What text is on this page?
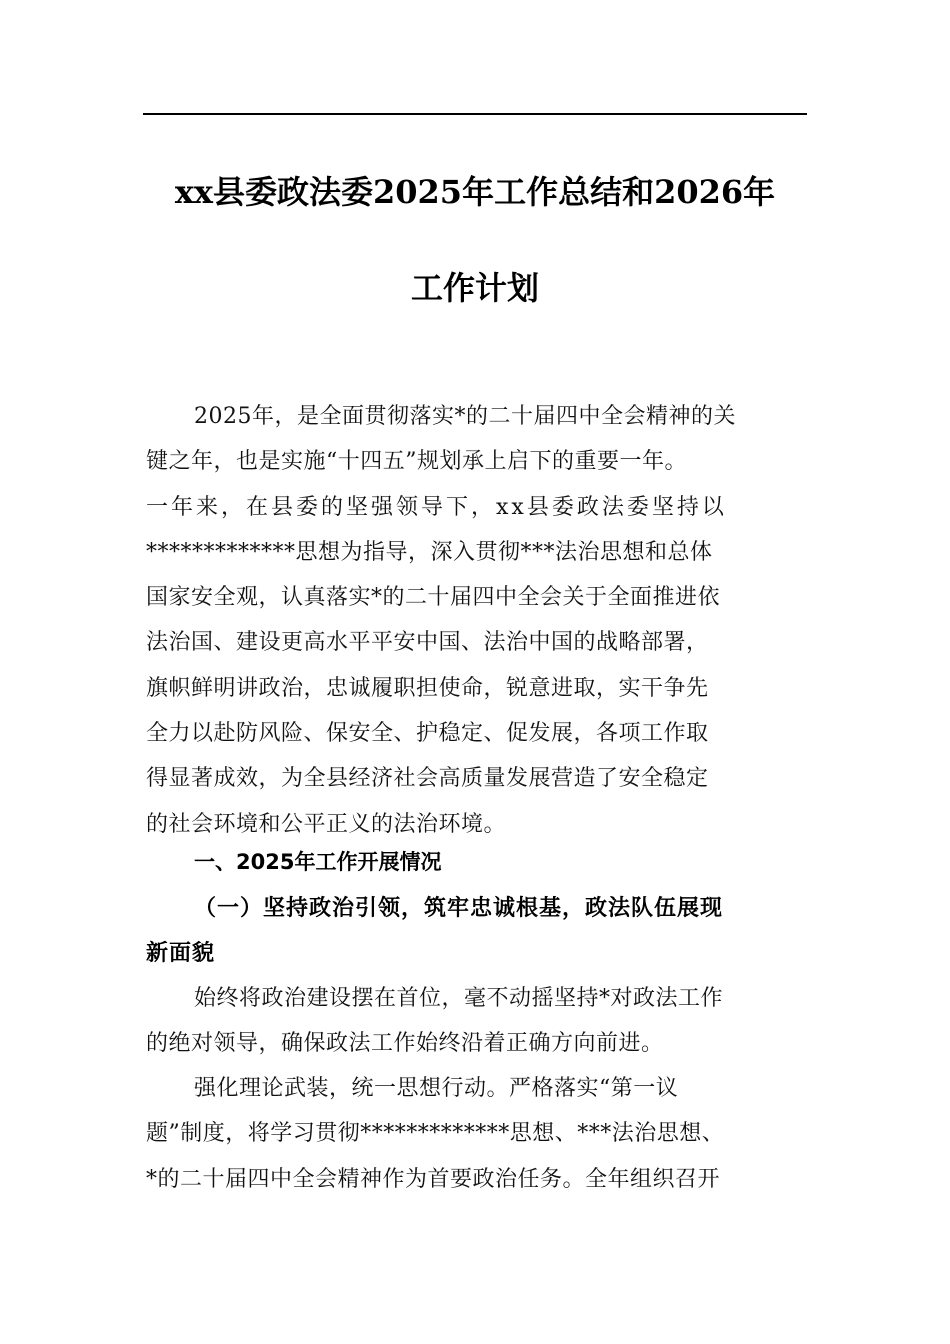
xx县委政法委2025年工作总结和2026年
工作计划
2025年，是全面贯彻落实*的二十届四中全会精神的关
键之年，也是实施“十四五”规划承上启下的重要一年。
一年来，在县委的坚强领导下，xx县委政法委坚持以
*************思想为指导，深入贯彻***法治思想和总体
国家安全观，认真落实*的二十届四中全会关于全面推进依
法治国、建设更高水平平安中国、法治中国的战略部署，
旗帜鲜明讲政治，忠诚履职担使命，锐意进取，实干争先
全力以赴防风险、保安全、护稳定、促发展，各项工作取
得显著成效，为全县经济社会高质量发展营造了安全稳定
的社会环境和公平正义的法治环境。
一、2025年工作开展情况
（一）坚持政治引领，筑牢忠诚根基，政法队伍展现
新面貌
始终将政治建设摆在首位，毫不动摇坚持*对政法工作
的绝对领导，确保政法工作始终沿着正确方向前进。
强化理论武装，统一思想行动。严格落实“第一议
题”制度，将学习贯彻*************思想、***法治思想、
*的二十届四中全会精神作为首要政治任务。全年组织召开
